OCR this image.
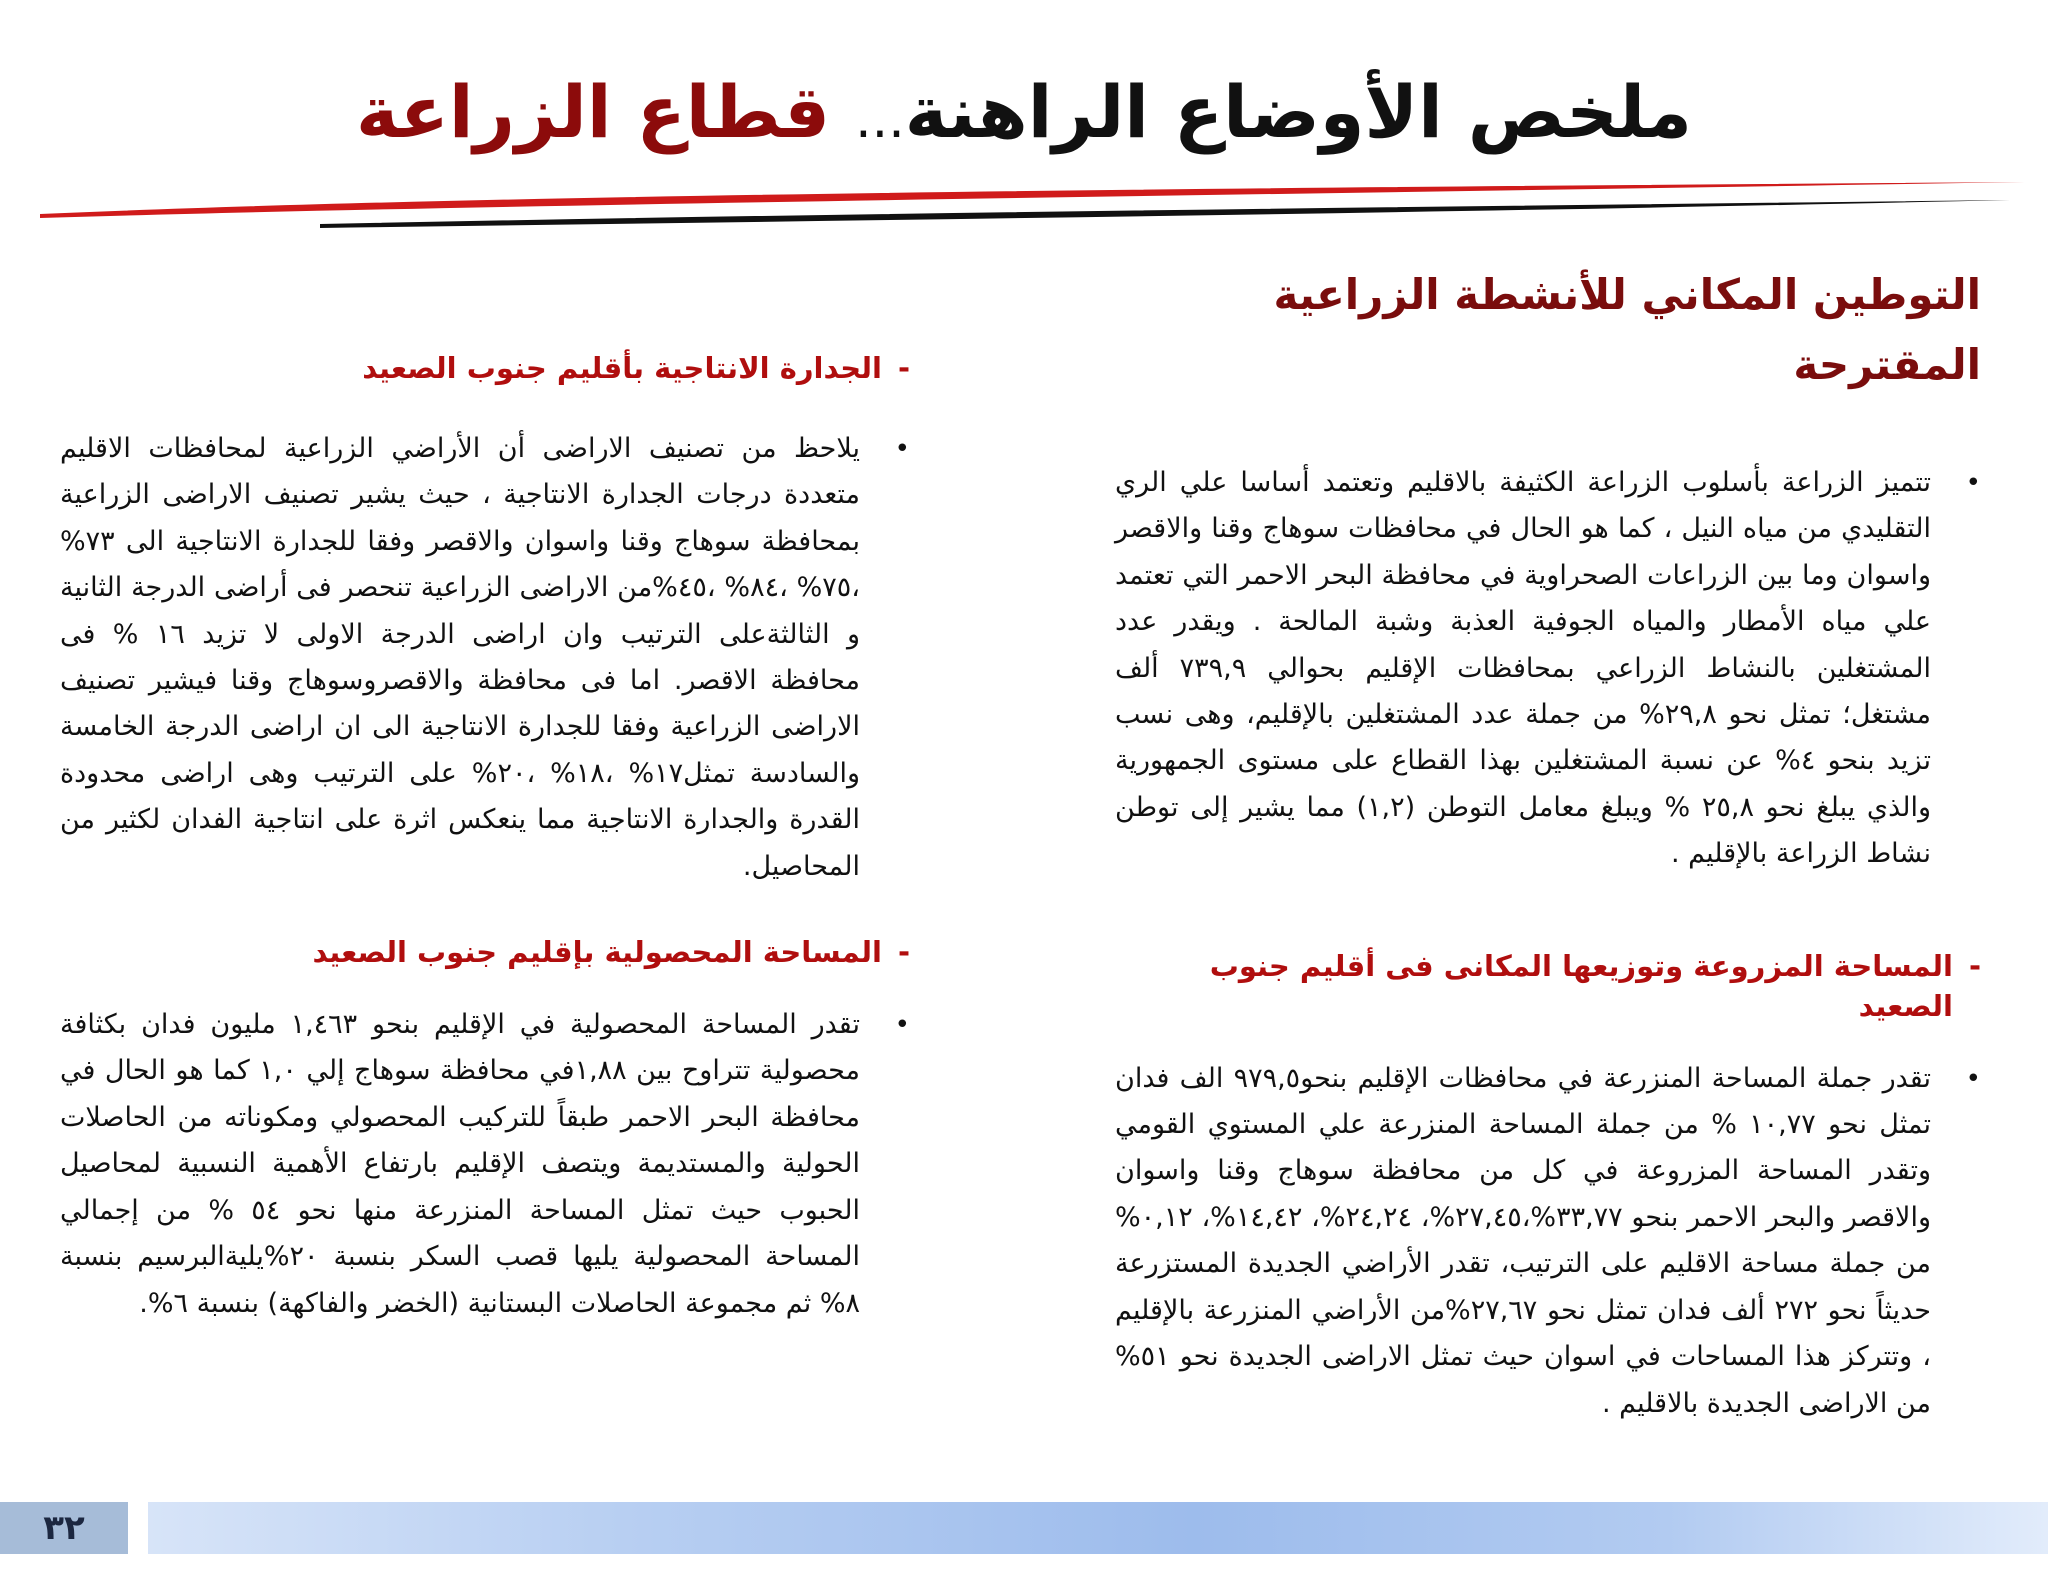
ملخص الأوضاع الراهنة... قطاع الزراعة
التوطين المكاني للأنشطة الزراعية المقترحة
•
تتميز الزراعة بأسلوب الزراعة الكثيفة بالاقليم وتعتمد أساسا علي الري التقليدي من مياه النيل ، كما هو الحال في محافظات سوهاج وقنا والاقصر واسوان وما بين الزراعات الصحراوية في محافظة البحر الاحمر التي تعتمد علي مياه الأمطار والمياه الجوفية العذبة وشبة المالحة . ويقدر عدد المشتغلين بالنشاط الزراعي بمحافظات الإقليم بحوالي ٧٣٩,٩ ألف مشتغل؛ تمثل نحو ٢٩,٨% من جملة عدد المشتغلين بالإقليم، وهى نسب تزيد بنحو ٤% عن نسبة المشتغلين بهذا القطاع على مستوى الجمهورية والذي يبلغ نحو ٢٥,٨ % ويبلغ معامل التوطن (١,٢) مما يشير إلى توطن نشاط الزراعة بالإقليم .
-
المساحة المزروعة وتوزيعها المكانى فى أقليم جنوب الصعيد
•
تقدر جملة المساحة المنزرعة في محافظات الإقليم بنحو٩٧٩,٥ الف فدان تمثل نحو ١٠,٧٧ % من جملة المساحة المنزرعة علي المستوي القومي وتقدر المساحة المزروعة في كل من محافظة سوهاج وقنا واسوان والاقصر والبحر الاحمر بنحو ٣٣,٧٧%،٢٧,٤٥%، ٢٤,٢٤%، ١٤,٤٢%، ٠,١٢% من جملة مساحة الاقليم على الترتيب، تقدر الأراضي الجديدة المستزرعة حديثاً نحو ٢٧٢ ألف فدان تمثل نحو ٢٧,٦٧%من الأراضي المنزرعة بالإقليم ، وتتركز هذا المساحات في اسوان حيث تمثل الاراضى الجديدة نحو ٥١% من الاراضى الجديدة بالاقليم .
-
الجدارة الانتاجية بأقليم جنوب الصعيد
•
يلاحظ من تصنيف الاراضى أن الأراضي الزراعية لمحافظات الاقليم متعددة درجات الجدارة الانتاجية ، حيث يشير تصنيف الاراضى الزراعية بمحافظة سوهاج وقنا واسوان والاقصر وفقا للجدارة الانتاجية الى ٧٣% ،٧٥% ،٨٤% ،٤٥%من الاراضى الزراعية تنحصر فى أراضى الدرجة الثانية و الثالثةعلى الترتيب وان اراضى الدرجة الاولى لا تزيد ١٦ % فى محافظة الاقصر. اما فى محافظة والاقصروسوهاج وقنا فيشير تصنيف الاراضى الزراعية وفقا للجدارة الانتاجية الى ان اراضى الدرجة الخامسة والسادسة تمثل١٧% ،١٨% ،٢٠% على الترتيب وهى اراضى محدودة القدرة والجدارة الانتاجية مما ينعكس اثرة على انتاجية الفدان لكثير من المحاصيل.
-
المساحة المحصولية بإقليم جنوب الصعيد
•
تقدر المساحة المحصولية في الإقليم بنحو ١,٤٦٣ مليون فدان بكثافة محصولية تتراوح بين ١,٨٨في محافظة سوهاج إلي ١,٠ كما هو الحال في محافظة البحر الاحمر طبقاً للتركيب المحصولي ومكوناته من الحاصلات الحولية والمستديمة ويتصف الإقليم بارتفاع الأهمية النسبية لمحاصيل الحبوب حيث تمثل المساحة المنزرعة منها نحو ٥٤ % من إجمالي المساحة المحصولية يليها قصب السكر بنسبة ٢٠%يليةالبرسيم بنسبة ٨% ثم مجموعة الحاصلات البستانية (الخضر والفاكهة) بنسبة ٦%.
٣٢
